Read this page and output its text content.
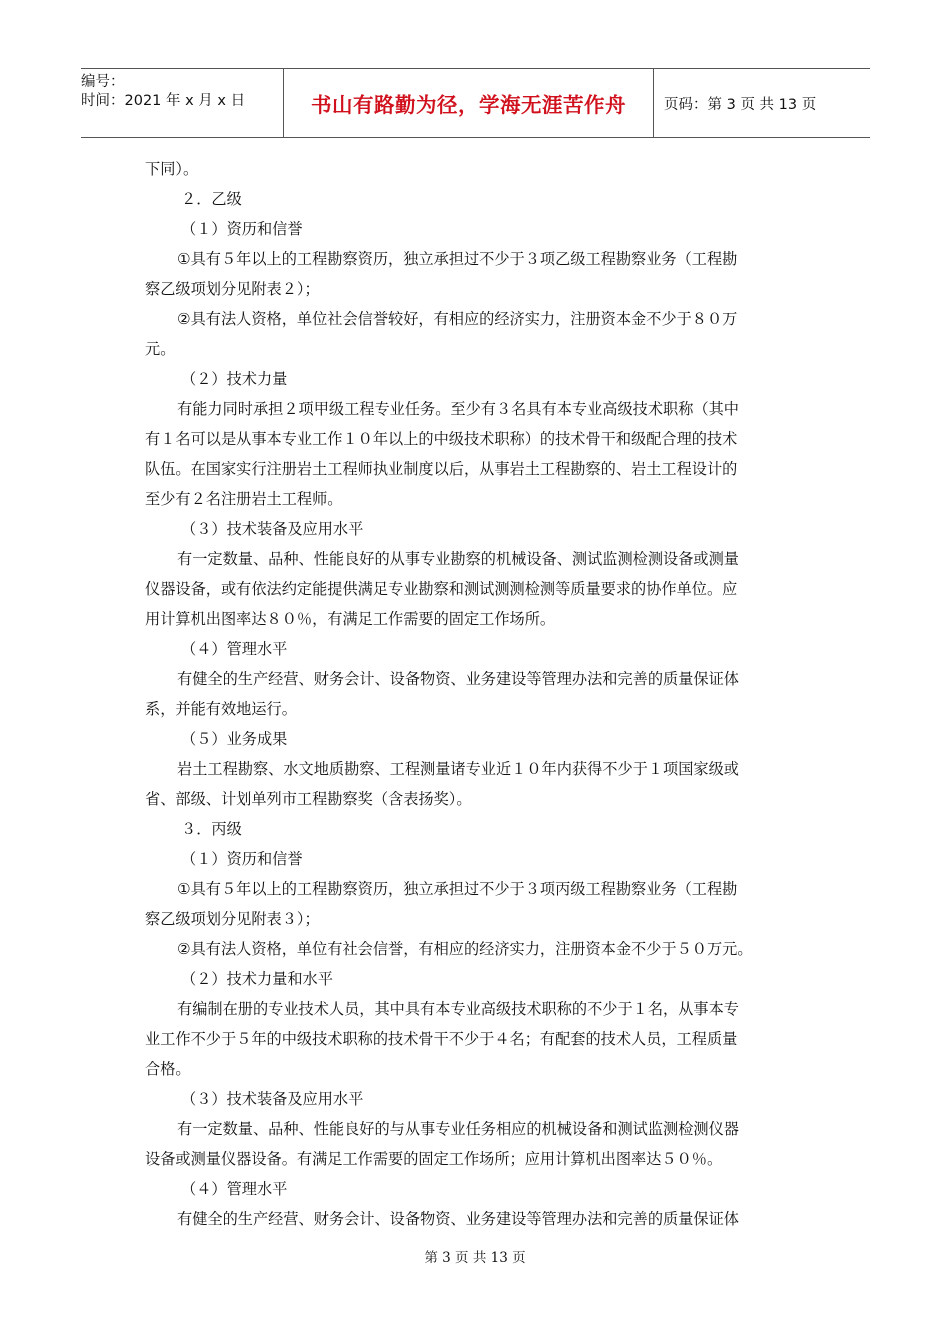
编号：
时间：2021 年 x 月 x 日	书山有路勤为径，学海无涯苦作舟	页码：第 3 页 共 13 页
下同）。
２．乙级
（１）资历和信誉
①具有５年以上的工程勘察资历，独立承担过不少于３项乙级工程勘察业务（工程勘
察乙级项划分见附表２）；
②具有法人资格，单位社会信誉较好，有相应的经济实力，注册资本金不少于８０万
元。
（２）技术力量
有能力同时承担２项甲级工程专业任务。至少有３名具有本专业高级技术职称（其中
有１名可以是从事本专业工作１０年以上的中级技术职称）的技术骨干和级配合理的技术
队伍。在国家实行注册岩土工程师执业制度以后，从事岩土工程勘察的、岩土工程设计的
至少有２名注册岩土工程师。
（３）技术装备及应用水平
有一定数量、品种、性能良好的从事专业勘察的机械设备、测试监测检测设备或测量
仪器设备，或有依法约定能提供满足专业勘察和测试测测检测等质量要求的协作单位。应
用计算机出图率达８０％，有满足工作需要的固定工作场所。
（４）管理水平
有健全的生产经营、财务会计、设备物资、业务建设等管理办法和完善的质量保证体
系，并能有效地运行。
（５）业务成果
岩土工程勘察、水文地质勘察、工程测量诸专业近１０年内获得不少于１项国家级或
省、部级、计划单列市工程勘察奖（含表扬奖）。
３．丙级
（１）资历和信誉
①具有５年以上的工程勘察资历，独立承担过不少于３项丙级工程勘察业务（工程勘
察乙级项划分见附表３）；
②具有法人资格，单位有社会信誉，有相应的经济实力，注册资本金不少于５０万元。
（２）技术力量和水平
有编制在册的专业技术人员，其中具有本专业高级技术职称的不少于１名，从事本专
业工作不少于５年的中级技术职称的技术骨干不少于４名；有配套的技术人员，工程质量
合格。
（３）技术装备及应用水平
有一定数量、品种、性能良好的与从事专业任务相应的机械设备和测试监测检测仪器
设备或测量仪器设备。有满足工作需要的固定工作场所；应用计算机出图率达５０％。
（４）管理水平
有健全的生产经营、财务会计、设备物资、业务建设等管理办法和完善的质量保证体
第 3 页 共 13 页
